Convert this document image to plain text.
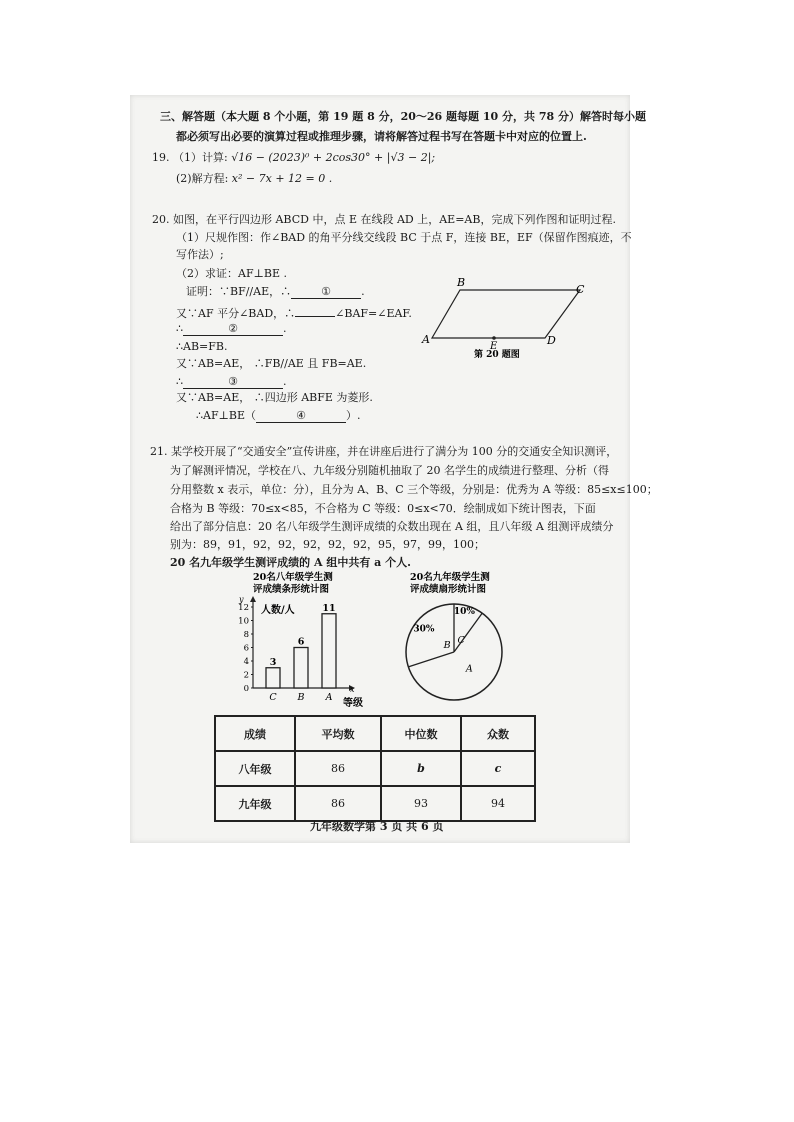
三、解答题（本大题 8 个小题，第 19 题 8 分，20～26 题每题 10 分，共 78 分）解答时每小题
都必须写出必要的演算过程或推理步骤，请将解答过程书写在答题卡中对应的位置上.
19. （1）计算: √16 − (2023)⁰ + 2cos30° + |√3 − 2|;
(2)解方程: x² − 7x + 12 = 0 .
20. 如图，在平行四边形 ABCD 中，点 E 在线段 AD 上，AE=AB，完成下列作图和证明过程.
（1）尺规作图：作∠BAD 的角平分线交线段 BC 于点 F，连接 BE，EF（保留作图痕迹，不
写作法）;
（2）求证：AF⊥BE .
证明：∵BF//AE，∴	①	.
又∵AF 平分∠BAD，∴	∠BAF=∠EAF.
∴	②	.
∴AB=FB.
又∵AB=AE， ∴FB//AE 且 FB=AE.
∴	③	.
又∵AB=AE， ∴四边形 ABFE 为菱形.
∴AF⊥BE（	④	）.
B
C
A	D
E
第 20 题图
21. 某学校开展了“交通安全”宣传讲座，并在讲座后进行了满分为 100 分的交通安全知识测评，
为了解测评情况，学校在八、九年级分别随机抽取了 20 名学生的成绩进行整理、分析（得
分用整数 x 表示，单位：分），且分为 A、B、C 三个等级，分别是：优秀为 A 等级：85≤x≤100；
合格为 B 等级：70≤x<85，不合格为 C 等级：0≤x<70．绘制成如下统计图表，下面
给出了部分信息：20 名八年级学生测评成绩的众数出现在 A 组，且八年级 A 组测评成绩分
别为：89，91，92，92，92，92，92，95，97，99，100；
20 名九年级学生测评成绩的 A 组中共有 a 个人.
20名八年级学生测
评成绩条形统计图
0
2
4
6
8
10
12
C B A
3
6
11
人数/人
y
x
等级
20名九年级学生测
评成绩扇形统计图
C
10%
A
B
30%
成绩	平均数	中位数	众数
八年级	86	b	c
九年级	86	93	94
九年级数学第 3 页 共 6 页
